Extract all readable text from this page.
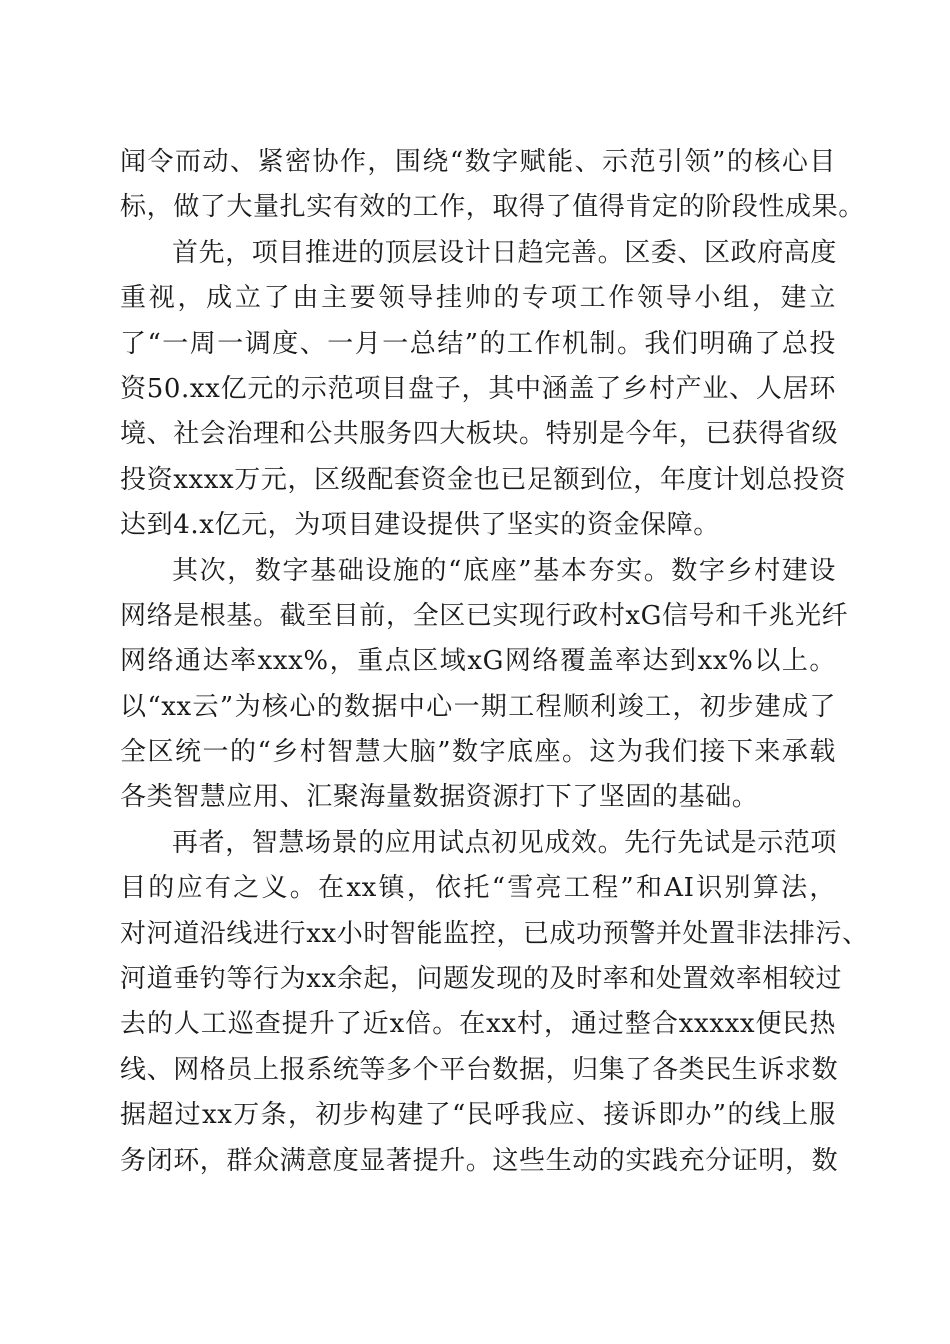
闻令而动、紧密协作，围绕“数字赋能、示范引领”的核心目
标，做了大量扎实有效的工作，取得了值得肯定的阶段性成果。
首先，项目推进的顶层设计日趋完善。区委、区政府高度
重视，成立了由主要领导挂帅的专项工作领导小组，建立
了“一周一调度、一月一总结”的工作机制。我们明确了总投
资50.xx亿元的示范项目盘子，其中涵盖了乡村产业、人居环
境、社会治理和公共服务四大板块。特别是今年，已获得省级
投资xxxx万元，区级配套资金也已足额到位，年度计划总投资
达到4.x亿元，为项目建设提供了坚实的资金保障。
其次，数字基础设施的“底座”基本夯实。数字乡村建设
网络是根基。截至目前，全区已实现行政村xG信号和千兆光纤
网络通达率xxx%，重点区域xG网络覆盖率达到xx%以上。
以“xx云”为核心的数据中心一期工程顺利竣工，初步建成了
全区统一的“乡村智慧大脑”数字底座。这为我们接下来承载
各类智慧应用、汇聚海量数据资源打下了坚固的基础。
再者，智慧场景的应用试点初见成效。先行先试是示范项
目的应有之义。在xx镇，依托“雪亮工程”和AI识别算法，
对河道沿线进行xx小时智能监控，已成功预警并处置非法排污、
河道垂钓等行为xx余起，问题发现的及时率和处置效率相较过
去的人工巡查提升了近x倍。在xx村，通过整合xxxxx便民热
线、网格员上报系统等多个平台数据，归集了各类民生诉求数
据超过xx万条，初步构建了“民呼我应、接诉即办”的线上服
务闭环，群众满意度显著提升。这些生动的实践充分证明，数
